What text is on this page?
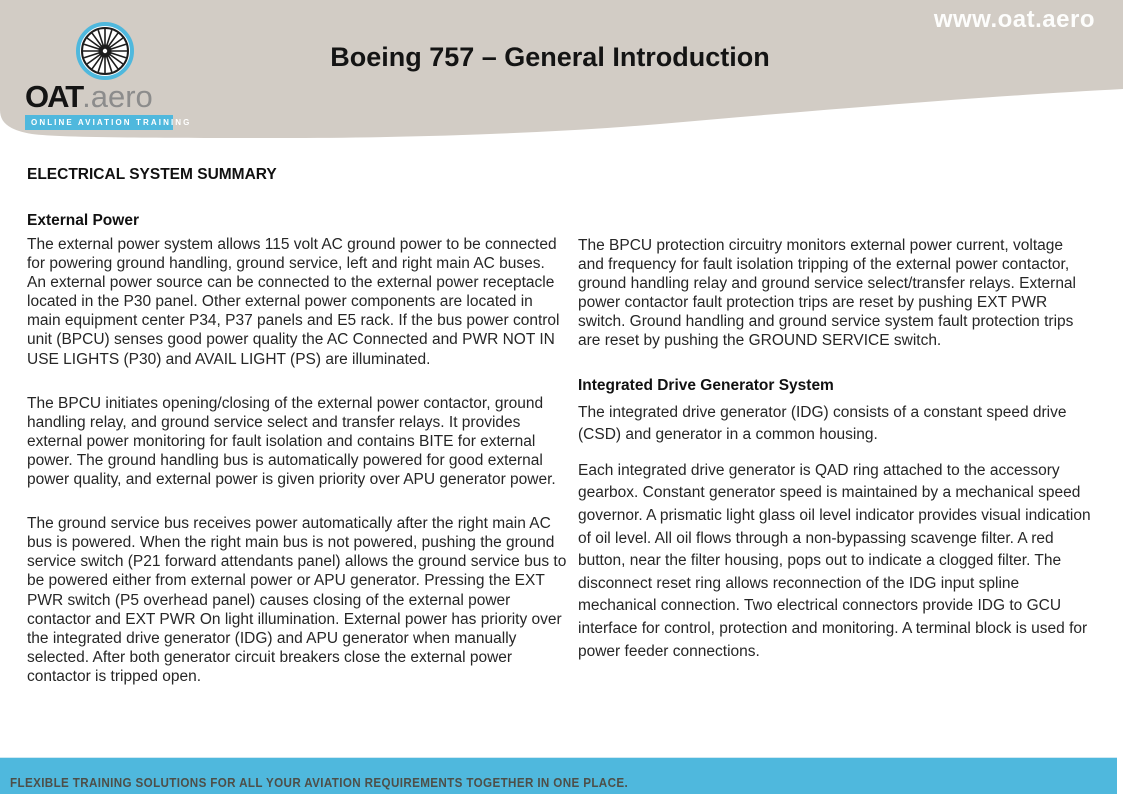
www.oat.aero
Boeing 757 – General Introduction
OAT.aero
ONLINE AVIATION TRAINING
ELECTRICAL SYSTEM SUMMARY
External Power

The external power system allows 115 volt AC ground power to be connected for powering ground handling, ground service, left and right main AC buses. An external power source can be connected to the external power receptacle located in the P30 panel. Other external power components are located in main equipment center P34, P37 panels and E5 rack. If the bus power control unit (BPCU) senses good power quality the AC Connected and PWR NOT IN USE LIGHTS (P30) and AVAIL LIGHT (PS) are illuminated.

The BPCU initiates opening/closing of the external power contactor, ground handling relay, and ground service select and transfer relays. It provides external power monitoring for fault isolation and contains BITE for external power. The ground handling bus is automatically powered for good external power quality, and external power is given priority over APU generator power.

The ground service bus receives power automatically after the right main AC bus is powered. When the right main bus is not powered, pushing the ground service switch (P21 forward attendants panel) allows the ground service bus to be powered either from external power or APU generator. Pressing the EXT PWR switch (P5 overhead panel) causes closing of the external power contactor and EXT PWR On light illumination. External power has priority over the integrated drive generator (IDG) and APU generator when manually selected. After both generator circuit breakers close the external power contactor is tripped open.

The BPCU protection circuitry monitors external power current, voltage and frequency for fault isolation tripping of the external power contactor, ground handling relay and ground service select/transfer relays. External power contactor fault protection trips are reset by pushing EXT PWR switch. Ground handling and ground service system fault protection trips are reset by pushing the GROUND SERVICE switch.

Integrated Drive Generator System

The integrated drive generator (IDG) consists of a constant speed drive (CSD) and generator in a common housing.

Each integrated drive generator is QAD ring attached to the accessory gearbox. Constant generator speed is maintained by a mechanical speed governor. A prismatic light glass oil level indicator provides visual indication of oil level. All oil flows through a non-bypassing scavenge filter. A red button, near the filter housing, pops out to indicate a clogged filter. The disconnect reset ring allows reconnection of the IDG input spline mechanical connection. Two electrical connectors provide IDG to GCU interface for control, protection and monitoring. A terminal block is used for power feeder connections.

FLEXIBLE TRAINING SOLUTIONS FOR ALL YOUR AVIATION REQUIREMENTS TOGETHER IN ONE PLACE.
